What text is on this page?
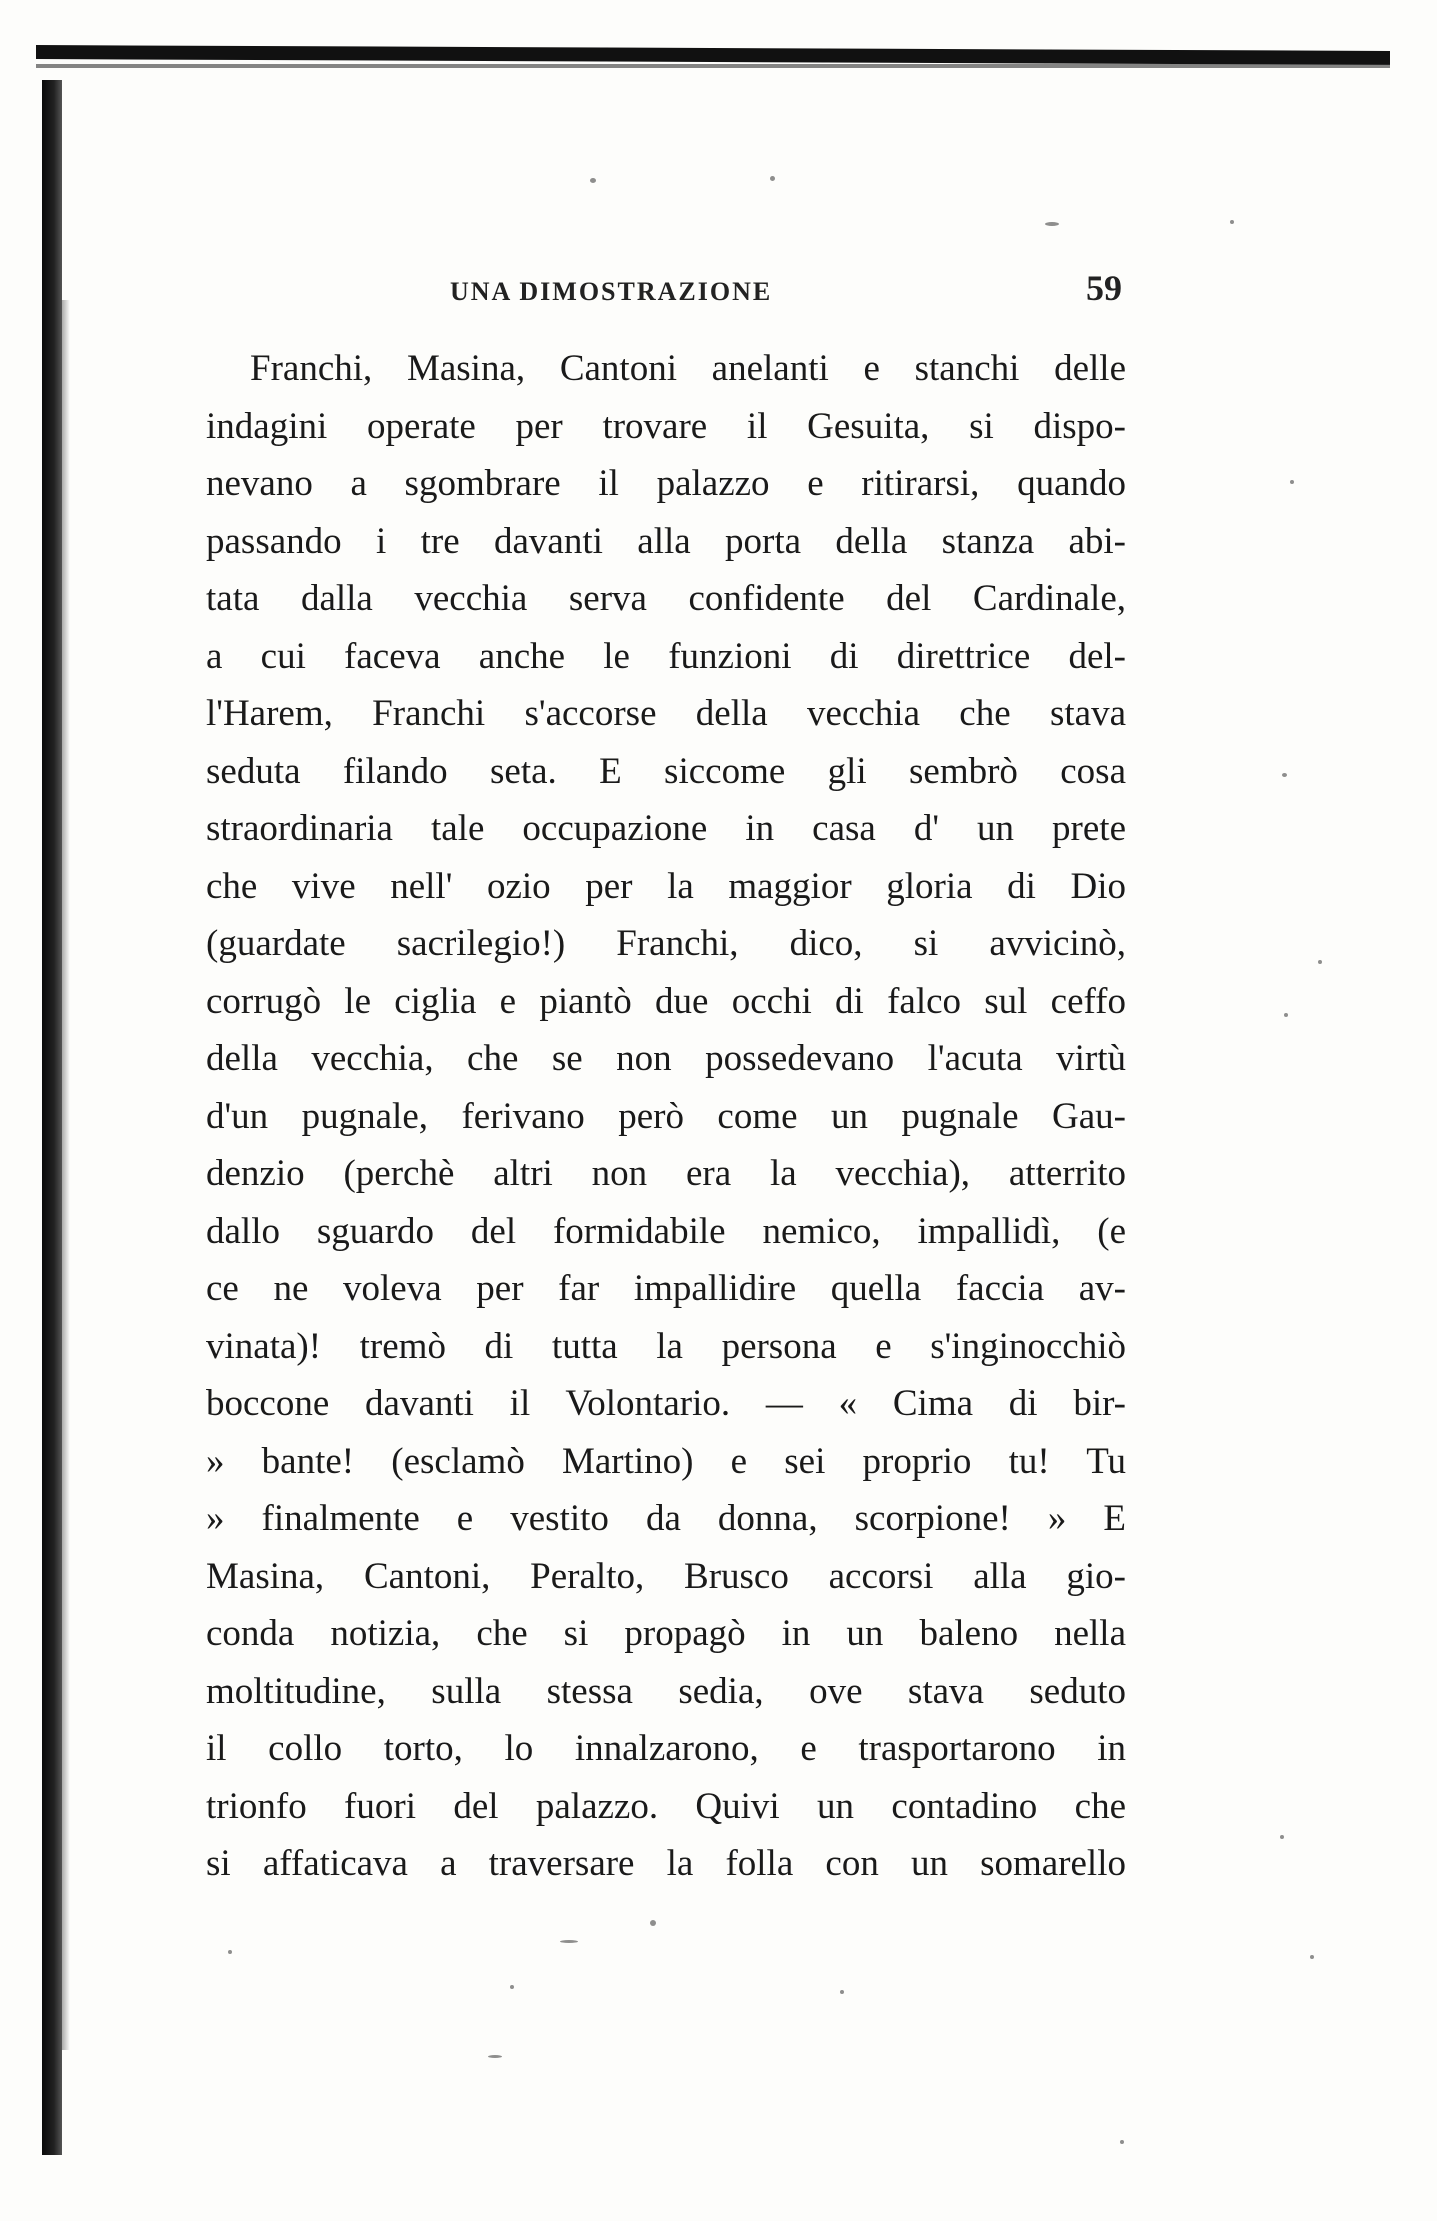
UNA DIMOSTRAZIONE	59
Franchi, Masina, Cantoni anelanti e stanchi delle
indagini operate per trovare il Gesuita, si dispo-
nevano a sgombrare il palazzo e ritirarsi, quando
passando i tre davanti alla porta della stanza abi-
tata dalla vecchia serva confidente del Cardinale,
a cui faceva anche le funzioni di direttrice del-
l'Harem, Franchi s'accorse della vecchia che stava
seduta filando seta. E siccome gli sembrò cosa
straordinaria tale occupazione in casa d' un prete
che vive nell' ozio per la maggior gloria di Dio
(guardate sacrilegio!) Franchi, dico, si avvicinò,
corrugò le ciglia e piantò due occhi di falco sul ceffo
della vecchia, che se non possedevano l'acuta virtù
d'un pugnale, ferivano però come un pugnale Gau-
denzio (perchè altri non era la vecchia), atterrito
dallo sguardo del formidabile nemico, impallidì, (e
ce ne voleva per far impallidire quella faccia av-
vinata)! tremò di tutta la persona e s'inginocchiò
boccone davanti il Volontario. — « Cima di bir-
» bante! (esclamò Martino) e sei proprio tu! Tu
» finalmente e vestito da donna, scorpione! » E
Masina, Cantoni, Peralto, Brusco accorsi alla gio-
conda notizia, che si propagò in un baleno nella
moltitudine, sulla stessa sedia, ove stava seduto
il collo torto, lo innalzarono, e trasportarono in
trionfo fuori del palazzo. Quivi un contadino che
si affaticava a traversare la folla con un somarello
